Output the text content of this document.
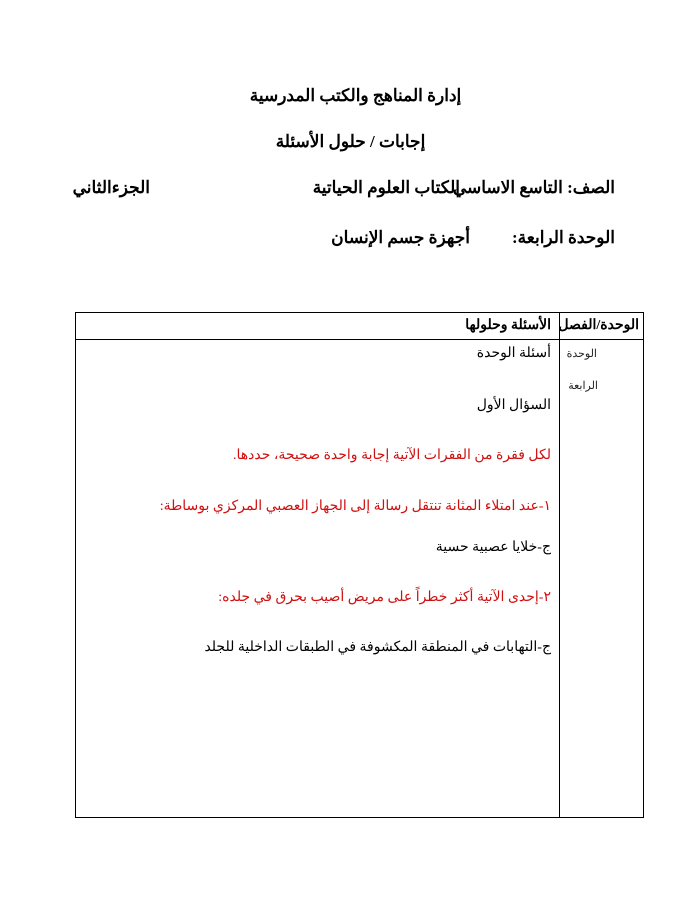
إدارة المناهج والكتب المدرسية
إجابات / حلول الأسئلة
الصف: التاسع الاساسي
الكتاب العلوم الحياتية
الجزءالثاني
الوحدة الرابعة:
أجهزة جسم الإنسان
الوحدة/الفصل
الأسئلة وحلولها
الوحدة
الرابعة
أسئلة الوحدة
السؤال الأول
لكل فقرة من الفقرات الآتية إجابة واحدة صحيحة، حددها.
١-عند امتلاء المثانة تنتقل رسالة إلى الجهاز العصبي المركزي بوساطة:
ج-خلايا عصبية حسية
٢-إحدى الآتية أكثر خطراً على مريض أصيب بحرق في جلده:
ج-التهابات في المنطقة المكشوفة في الطبقات الداخلية للجلد
